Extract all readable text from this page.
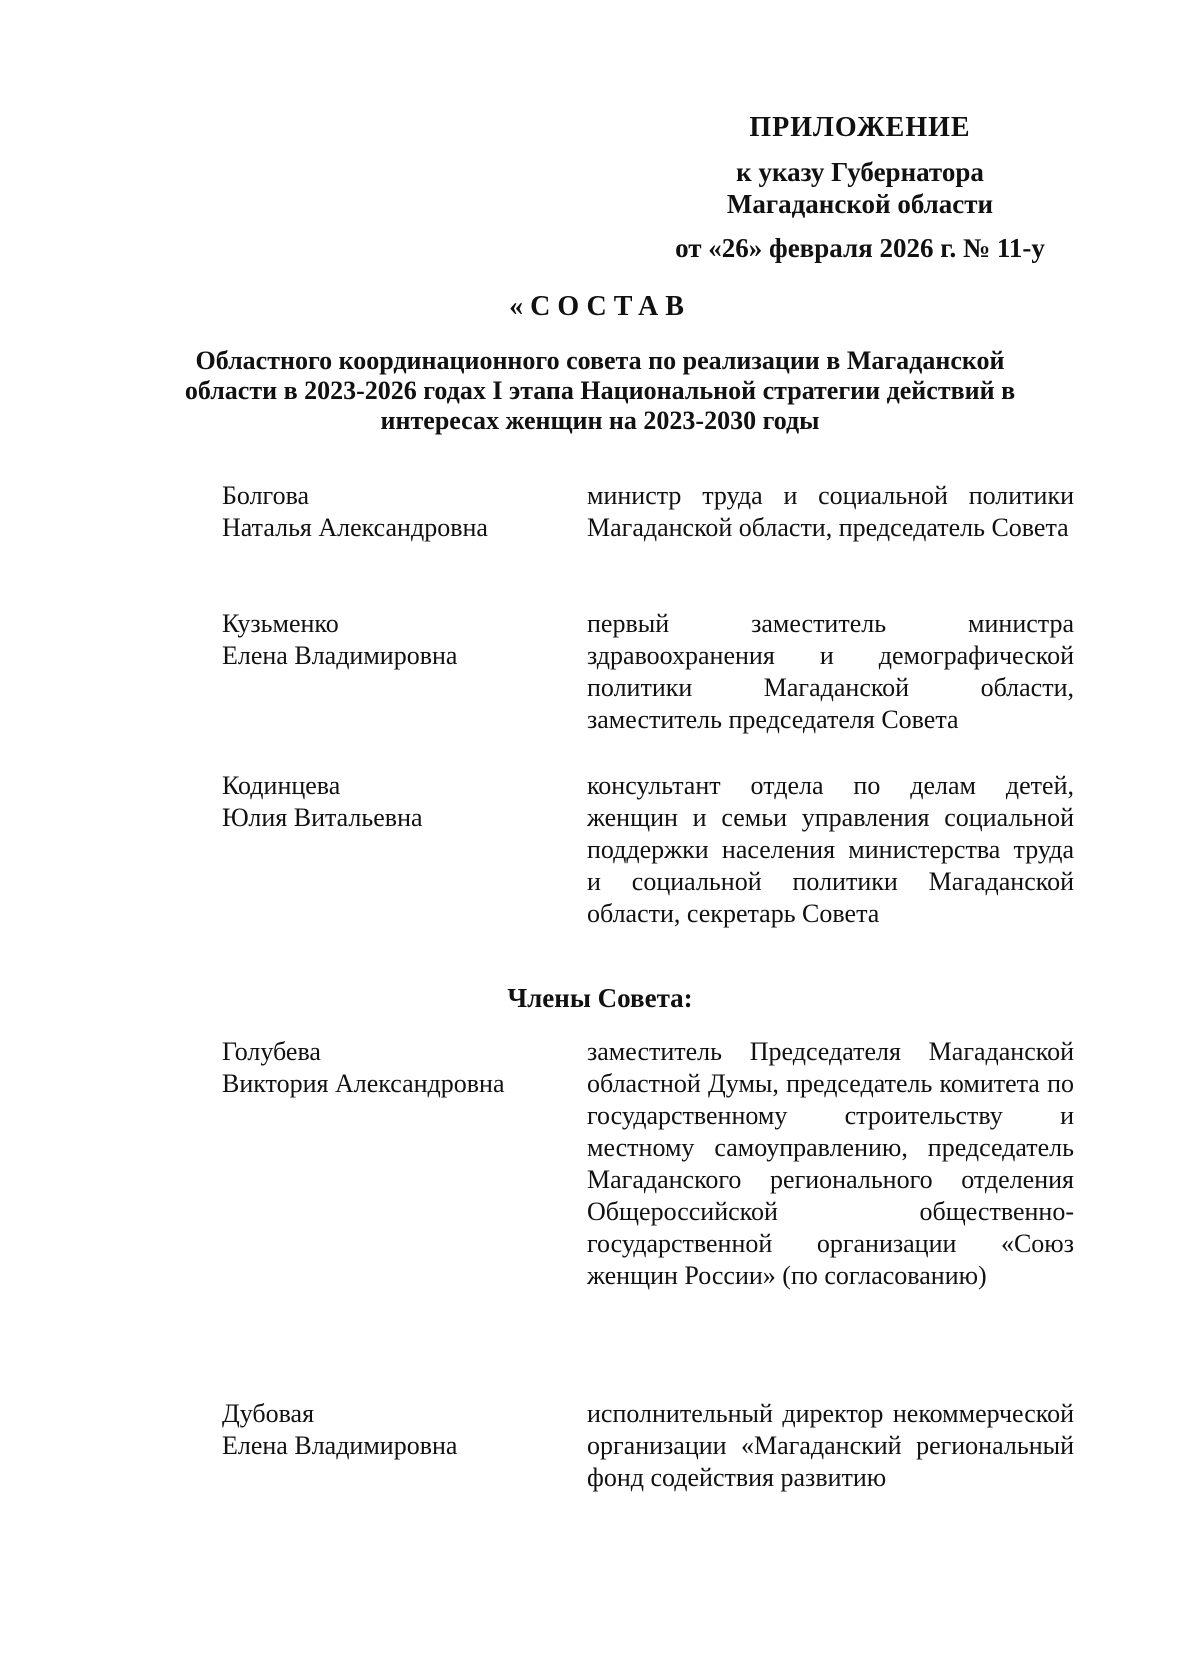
ПРИЛОЖЕНИЕ
к указу Губернатора
Магаданской области
от «26» февраля 2026 г. № 11-у
«СОСТАВ
Областного координационного совета по реализации в Магаданской области в 2023-2026 годах I этапа Национальной стратегии действий в интересах женщин на 2023-2030 годы
Болгова
Наталья Александровна
министр труда и социальной политики Магаданской области, председатель Совета
Кузьменко
Елена Владимировна
первый заместитель министра здравоохранения и демографической политики Магаданской области, заместитель председателя Совета
Кодинцева
Юлия Витальевна
консультант отдела по делам детей, женщин и семьи управления социальной поддержки населения министерства труда и социальной политики Магаданской области, секретарь Совета
Члены Совета:
Голубева
Виктория Александровна
заместитель Председателя Магаданской областной Думы, председатель комитета по государственному строительству и местному самоуправлению, председатель Магаданского регионального отделения Общероссийской общественно-государственной организации «Союз женщин России» (по согласованию)
Дубовая
Елена Владимировна
исполнительный директор некоммерческой организации «Магаданский региональный фонд содействия развитию
